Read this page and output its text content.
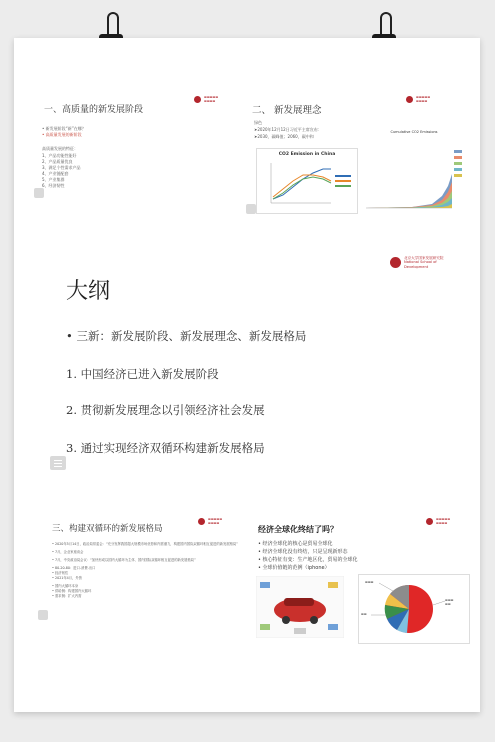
▬▬▬▬▬
▬▬▬▬
一、高质量的新发展阶段
• 新发展阶段“新”在哪？
• 高质量发展的新阶段
高质量发展的特征：
1、产品功能性能好
2、产品质量优良
3、满足个性需求产品
4、产业链配套
5、产业集群
6、经济韧性
▬▬▬▬▬
▬▬▬▬
二、 新发展理念
绿色
➤2020年12月12日习近平主席宣布：
➤2030，碳峰值；2060，碳中和
CO2 Emission in China
Cumulative CO2 Emissions
北京大学国家发展研究院 National School of Development
大纲
• 三新：新发展阶段、新发展理念、新发展格局
1. 中国经济已进入新发展阶段
2. 贯彻新发展理念以引领经济社会发展
3. 通过实现经济双循环构建新发展格局
▬▬▬▬▬
▬▬▬▬
三、构建双循环的新发展格局
• 2020年5月14日，政治局常委会：“充分发挥我国超大规模市场优势和内需潜力，构建国内国际双循环相互促进的新发展格局”
• 7月，企业家座谈会
• 7月，中央政治局会议：“加快形成以国内大循环为主体、国内国际双循环相互促进的新发展格局”
• 80-20-80：进口-消费-出口
• 经济韧性
• 2021年4月，外资
• 国内大循环本身
• 供给侧：构建国内大循环
• 需求侧：扩大内需
▬▬▬▬▬
▬▬▬▬
经济全球化终结了吗？
• 经济全球化的核心是贸易全球化
• 经济全球化没有终结，只是呈现新形态
• 核心特征有变：生产地区化，贸易的全球化
• 全球价值链的范例（iphone）
▬▬▬
▬▬
▬▬▬
▬▬
